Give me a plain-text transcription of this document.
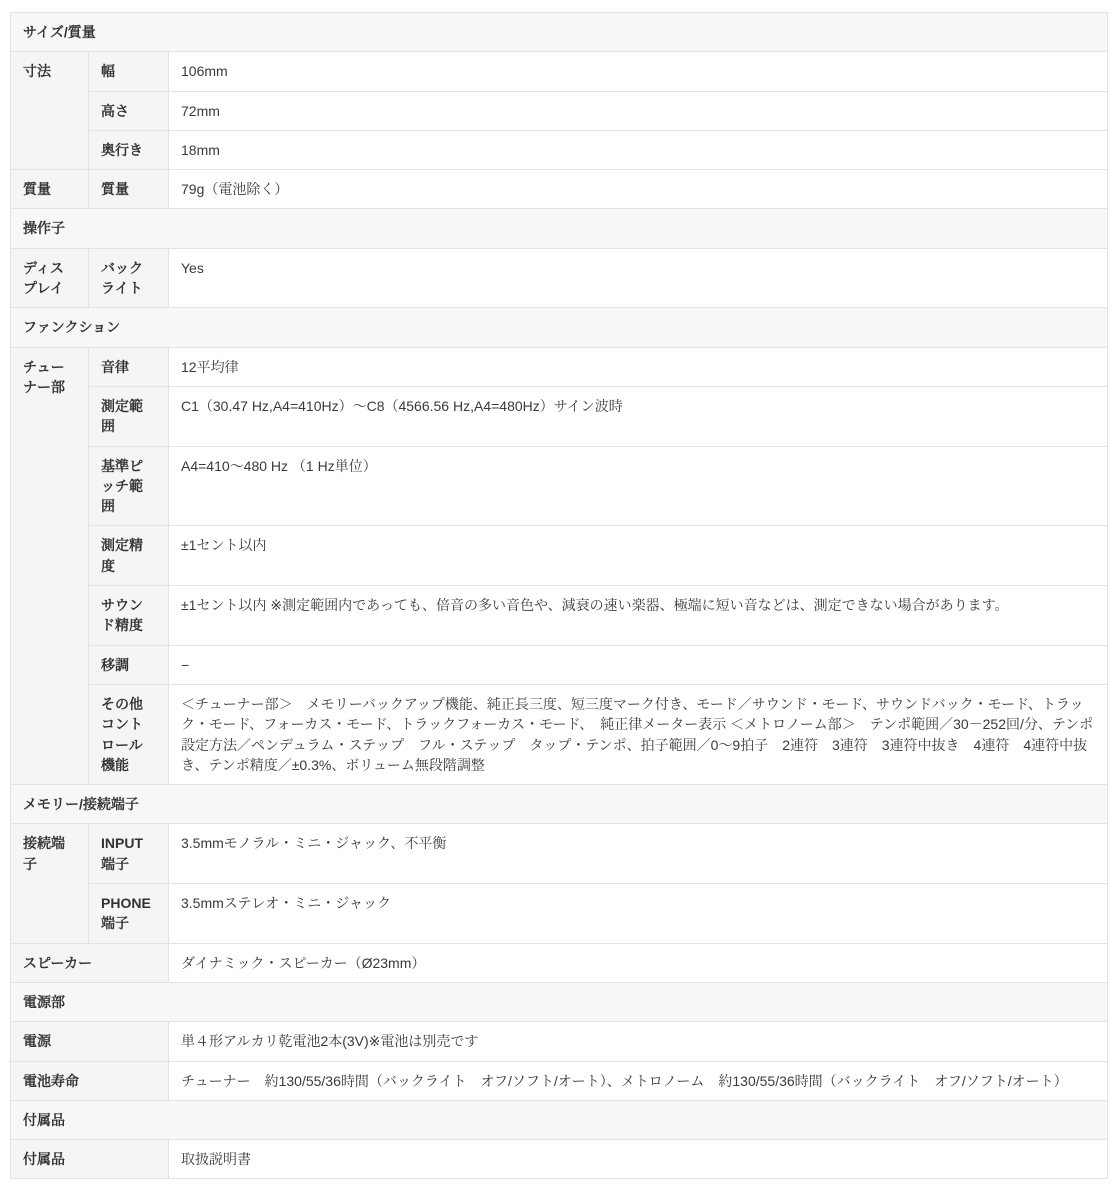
サイズ/質量		
寸法	幅	106mm
	高さ	72mm
	奥行き	18mm
質量	質量	79g（電池除く）
操作子		
ディスプレイ	バックライト	Yes
ファンクション		
チューナー部	音律	12平均律
	測定範囲	C1（30.47 Hz,A4=410Hz）〜C8（4566.56 Hz,A4=480Hz）サイン波時
	基準ピッチ範囲	A4=410〜480 Hz （1 Hz単位）
	測定精度	±1セント以内
	サウンド精度	±1セント以内 ※測定範囲内であっても、倍音の多い音色や、減衰の速い楽器、極端に短い音などは、測定できない場合があります。
	移調	−
	その他コントロール機能	＜チューナー部＞　メモリーバックアップ機能、純正長三度、短三度マーク付き、モード／サウンド・モード、サウンドバック・モード、トラック・モード、フォーカス・モード、トラックフォーカス・モード、　純正律メーター表示 ＜メトロノーム部＞　テンポ範囲／30－252回/分、テンポ設定方法／ペンデュラム・ステップ　フル・ステップ　タップ・テンポ、拍子範囲／0〜9拍子　2連符　3連符　3連符中抜き　4連符　4連符中抜き、テンポ精度／±0.3%、ボリューム無段階調整
メモリー/接続端子		
接続端子	INPUT端子	3.5mmモノラル・ミニ・ジャック、不平衡
	PHONE端子	3.5mmステレオ・ミニ・ジャック
スピーカー		ダイナミック・スピーカー（Ø23mm）
電源部		
電源		単４形アルカリ乾電池2本(3V)※電池は別売です
電池寿命		チューナー　約130/55/36時間（バックライト　オフ/ソフト/オート）、メトロノーム　約130/55/36時間（バックライト　オフ/ソフト/オート）
付属品		
付属品		取扱説明書
